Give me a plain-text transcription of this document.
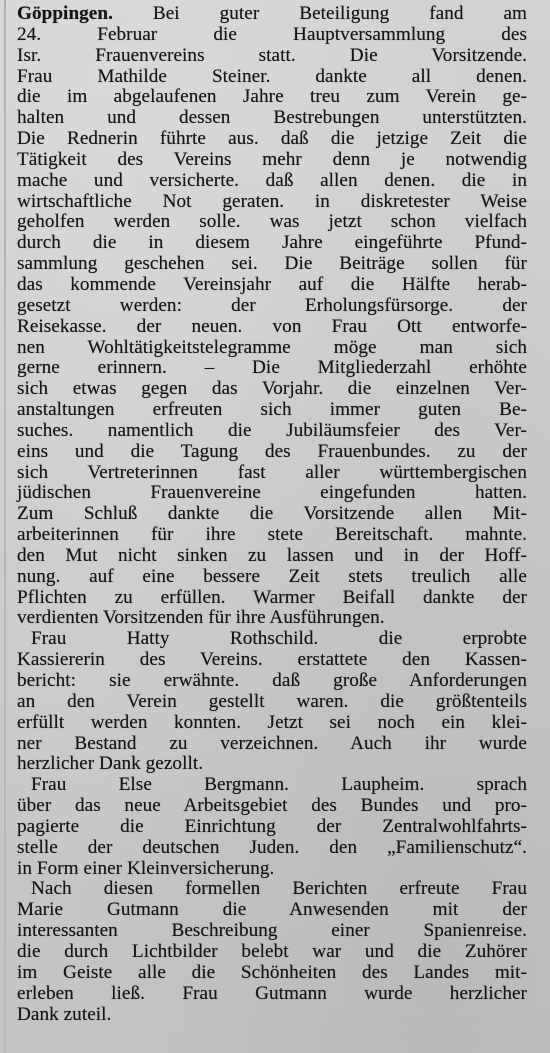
Göppingen. Bei guter Beteiligung fand am
24. Februar die Hauptversammlung des
Isr. Frauenvereins statt. Die Vorsitzende.
Frau Mathilde Steiner. dankte all denen.
die im abgelaufenen Jahre treu zum Verein ge-
halten und dessen Bestrebungen unterstützten.
Die Rednerin führte aus. daß die jetzige Zeit die
Tätigkeit des Vereins mehr denn je notwendig
mache und versicherte. daß allen denen. die in
wirtschaftliche Not geraten. in diskretester Weise
geholfen werden solle. was jetzt schon vielfach
durch die in diesem Jahre eingeführte Pfund-
sammlung geschehen sei. Die Beiträge sollen für
das kommende Vereinsjahr auf die Hälfte herab-
gesetzt werden: der Erholungsfürsorge. der
Reisekasse. der neuen. von Frau Ott entworfe-
nen Wohltätigkeitstelegramme möge man sich
gerne erinnern. – Die Mitgliederzahl erhöhte
sich etwas gegen das Vorjahr. die einzelnen Ver-
anstaltungen erfreuten sich immer guten Be-
suches. namentlich die Jubiläumsfeier des Ver-
eins und die Tagung des Frauenbundes. zu der
sich Vertreterinnen fast aller württembergischen
jüdischen Frauenvereine eingefunden hatten.
Zum Schluß dankte die Vorsitzende allen Mit-
arbeiterinnen für ihre stete Bereitschaft. mahnte.
den Mut nicht sinken zu lassen und in der Hoff-
nung. auf eine bessere Zeit stets treulich alle
Pflichten zu erfüllen. Warmer Beifall dankte der
verdienten Vorsitzenden für ihre Ausführungen.
Frau Hatty Rothschild. die erprobte
Kassiererin des Vereins. erstattete den Kassen-
bericht: sie erwähnte. daß große Anforderungen
an den Verein gestellt waren. die größtenteils
erfüllt werden konnten. Jetzt sei noch ein klei-
ner Bestand zu verzeichnen. Auch ihr wurde
herzlicher Dank gezollt.
Frau Else Bergmann. Laupheim. sprach
über das neue Arbeitsgebiet des Bundes und pro-
pagierte die Einrichtung der Zentralwohlfahrts-
stelle der deutschen Juden. den „Familienschutz“.
in Form einer Kleinversicherung.
Nach diesen formellen Berichten erfreute Frau
Marie Gutmann die Anwesenden mit der
interessanten Beschreibung einer Spanienreise.
die durch Lichtbilder belebt war und die Zuhörer
im Geiste alle die Schönheiten des Landes mit-
erleben ließ. Frau Gutmann wurde herzlicher
Dank zuteil.
